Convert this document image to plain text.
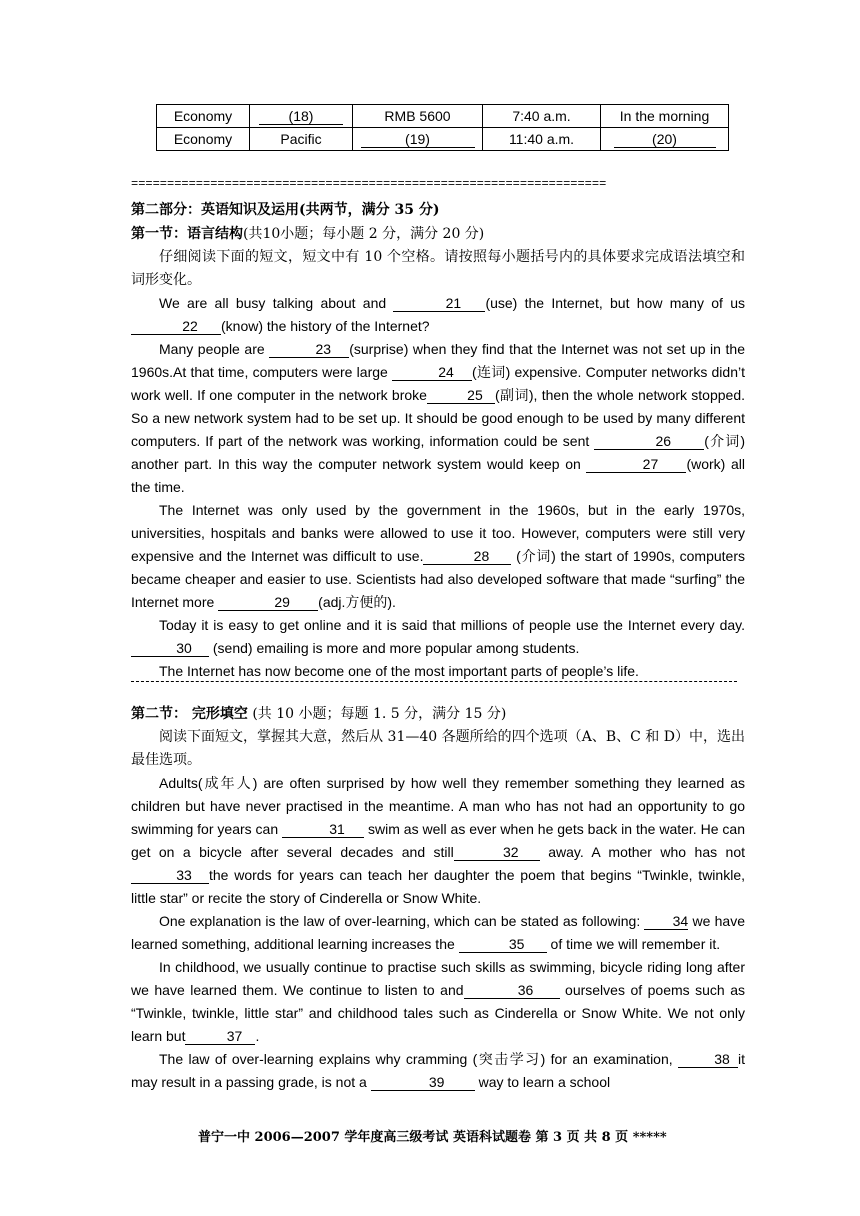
Economy	(18)	RMB 5600	7:40 a.m.	In the morning
Economy	Pacific	(19)	11:40 a.m.	(20)
==================================================================

第二部分：英语知识及运用(共两节，满分 35 分)

第一节：语言结构(共10小题；每小题 2 分，满分 20 分)

仔细阅读下面的短文，短文中有 10 个空格。请按照每小题括号内的具体要求完成语法填空和词形变化。

We are all busy talking about and	21 (use) the Internet, but how many of us 22 (know) the history of the Internet?

Many people are	23 (surprise) when they find that the Internet was not set up in the 1960s.At that time, computers were large	24 (连词) expensive. Computer networks didn’t work well. If one computer in the network broke	25 (副词), then the whole network stopped. So a new network system had to be set up. It should be good enough to be used by many different computers. If part of the network was working, information could be sent	26 (介词) another part. In this way the computer network system would keep on	27 (work) all the time.

The Internet was only used by the government in the 1960s, but in the early 1970s, universities, hospitals and banks were allowed to use it too. However, computers were still very expensive and the Internet was difficult to use.	28 (介词) the start of 1990s, computers became cheaper and easier to use. Scientists had also developed software that made “surfing” the Internet more	29 (adj.方便的).

Today it is easy to get online and it is said that millions of people use the Internet every day. 30 (send) emailing is more and more popular among students.

The Internet has now become one of the most important parts of people’s life.

第二节： 完形填空 (共 10 小题；每题 1. 5 分，满分 15 分)

阅读下面短文，掌握其大意，然后从 31—40 各题所给的四个选项（A、B、C 和 D）中，选出最佳选项。

Adults(成年人) are often surprised by how well they remember something they learned as children but have never practised in the meantime. A man who has not had an opportunity to go swimming for years can	31 swim as well as ever when he gets back in the water. He can get on a bicycle after several decades and still	32 away. A mother who has not33 the words for years can teach her daughter the poem that begins “Twinkle, twinkle, little star” or recite the story of Cinderella or Snow White.

One explanation is the law of over-learning, which can be stated as following: 34 we have learned something, additional learning increases the	35 of time we will remember it.

In childhood, we usually continue to practise such skills as swimming, bicycle riding long after we have learned them. We continue to listen to and	36 ourselves of poems such as “Twinkle, twinkle, little star” and childhood tales such as Cinderella or Snow White. We not only learn but	37 .

The law of over-learning explains why cramming (突击学习) for an examination,	38 it may result in a passing grade, is not a	39 way to learn a school

普宁一中 2006—2007 学年度高三级考试 英语科试题卷 第 3 页 共 8 页 *****
